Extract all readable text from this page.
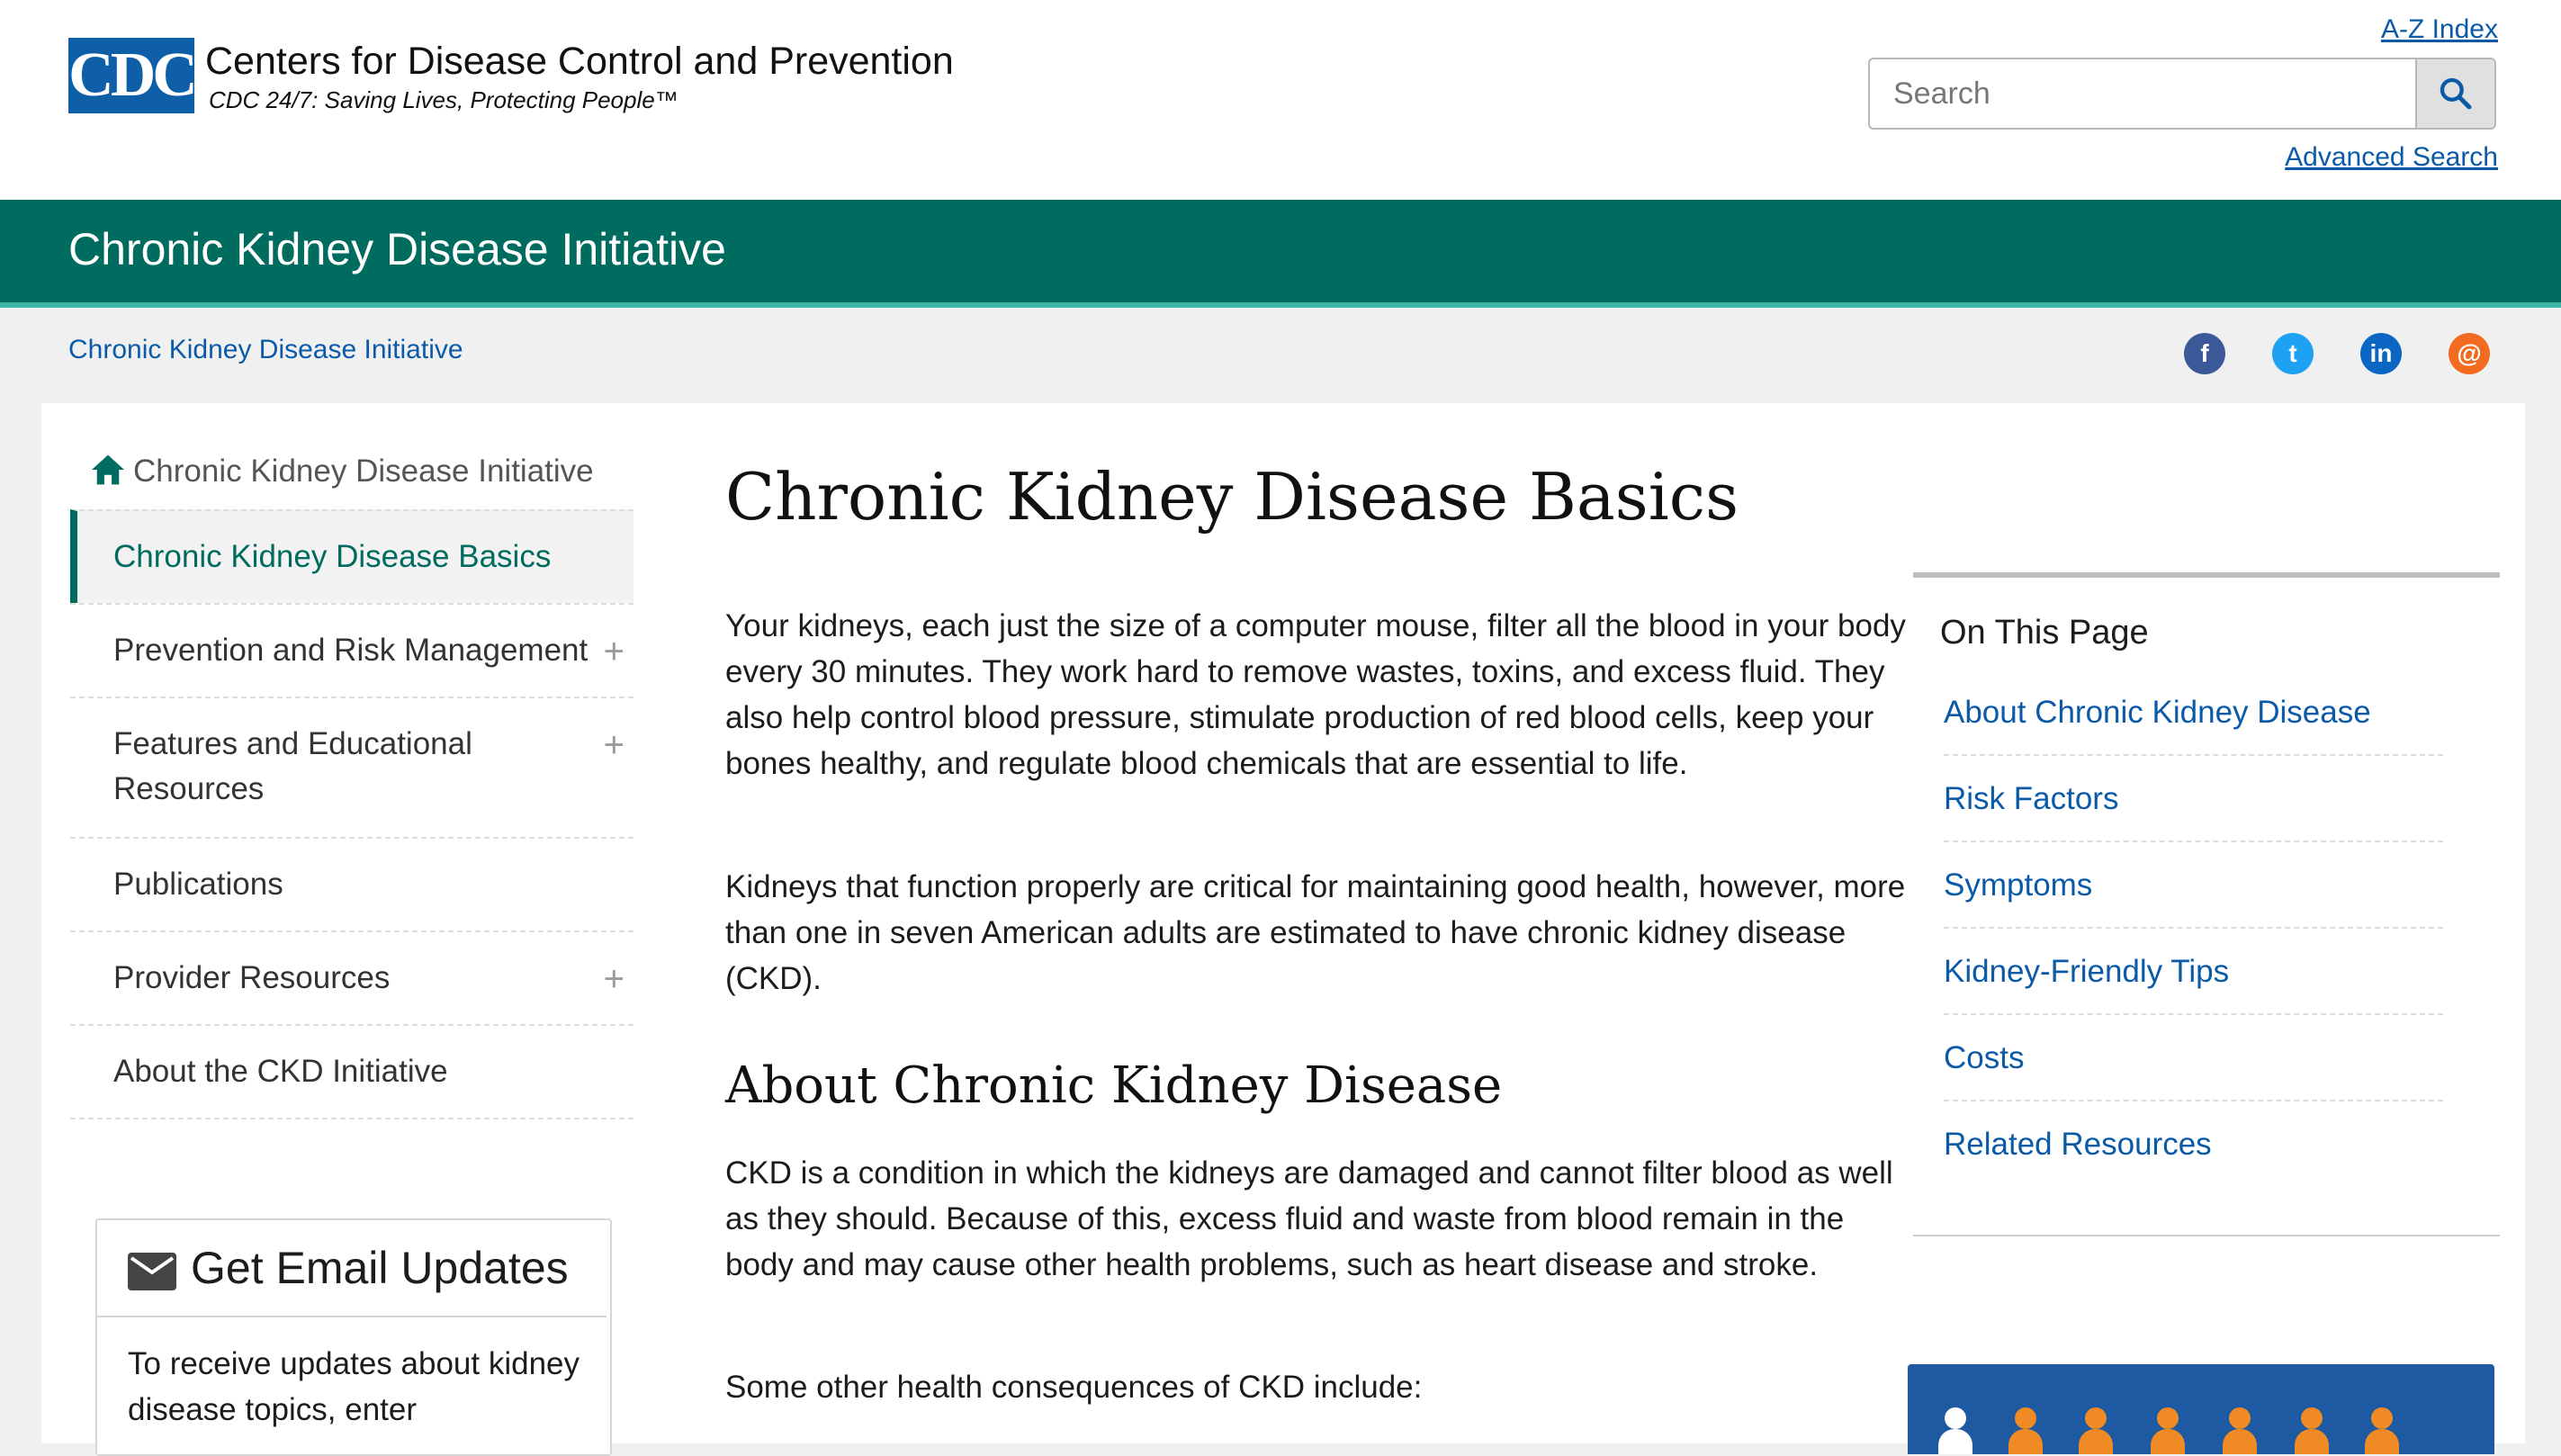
CDC Centers for Disease Control and Prevention
CDC 24/7: Saving Lives, Protecting People™
A-Z Index
Search
Advanced Search
Chronic Kidney Disease Initiative
Chronic Kidney Disease Initiative	f	t	in	@
Chronic Kidney Disease Initiative
Chronic Kidney Disease Basics
Prevention and Risk Management +
Features and Educational Resources
+
Publications
Provider Resources	+
About the CKD Initiative
Get Email Updates
To receive updates about kidney disease topics, enter
Chronic Kidney Disease Basics

Your kidneys, each just the size of a computer mouse, filter all the blood in your body every 30 minutes. They work hard to remove wastes, toxins, and excess fluid. They also help control blood pressure, stimulate production of red blood cells, keep your bones healthy, and regulate blood chemicals that are essential to life.

Kidneys that function properly are critical for maintaining good health, however, more than one in seven American adults are estimated to have chronic kidney disease (CKD).

About Chronic Kidney Disease

CKD is a condition in which the kidneys are damaged and cannot filter blood as well as they should. Because of this, excess fluid and waste from blood remain in the body and may cause other health problems, such as heart disease and stroke.

Some other health consequences of CKD include:

On This Page
About Chronic Kidney Disease
Risk Factors
Symptoms
Kidney-Friendly Tips
Costs
Related Resources
